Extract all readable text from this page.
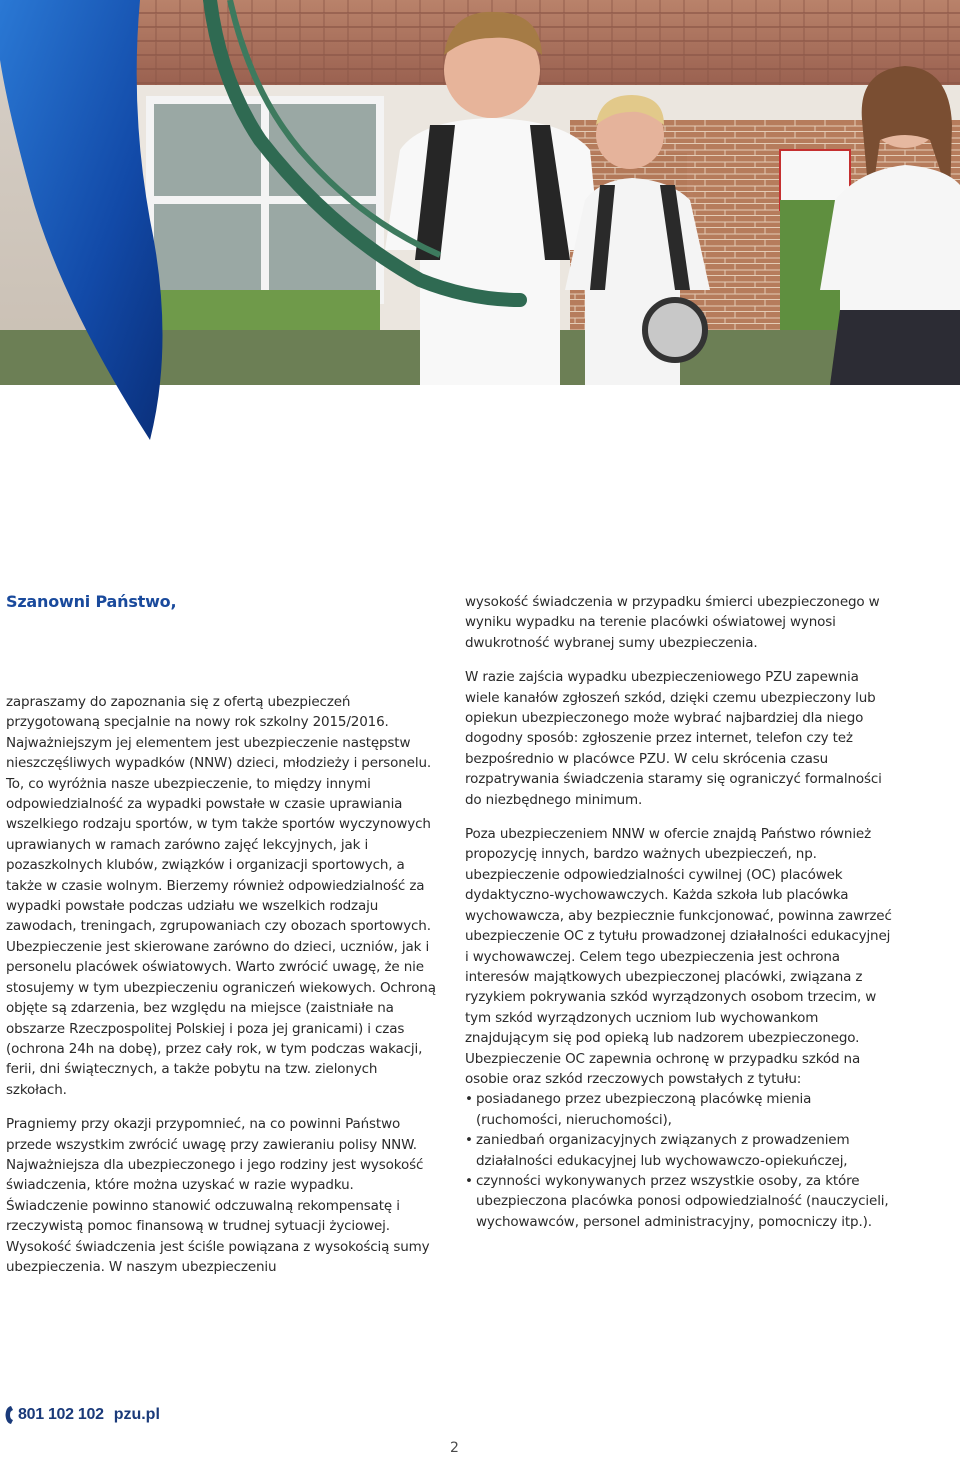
Szanowni Państwo,

zapraszamy do zapoznania się z ofertą ubezpieczeń przygotowaną specjalnie na nowy rok szkolny 2015/2016. Najważniejszym jej elementem jest ubezpieczenie następstw nieszczęśliwych wypadków (NNW) dzieci, młodzieży i personelu. To, co wyróżnia nasze ubezpieczenie, to między innymi odpowiedzialność za wypadki powstałe w czasie uprawiania wszelkiego rodzaju sportów, w tym także sportów wyczynowych uprawianych w ramach zarówno zajęć lekcyjnych, jak i pozaszkolnych klubów, związków i organizacji sportowych, a także w czasie wolnym. Bierzemy również odpowiedzialność za wypadki powstałe podczas udziału we wszelkich rodzaju zawodach, treningach, zgrupowaniach czy obozach sportowych. Ubezpieczenie jest skierowane zarówno do dzieci, uczniów, jak i personelu placówek oświatowych. Warto zwrócić uwagę, że nie stosujemy w tym ubezpieczeniu ograniczeń wiekowych. Ochroną objęte są zdarzenia, bez względu na miejsce (zaistniałe na obszarze Rzeczpospolitej Polskiej i poza jej granicami) i czas (ochrona 24h na dobę), przez cały rok, w tym podczas wakacji, ferii, dni świątecznych, a także pobytu na tzw. zielonych szkołach.

Pragniemy przy okazji przypomnieć, na co powinni Państwo przede wszystkim zwrócić uwagę przy zawieraniu polisy NNW. Najważniejsza dla ubezpieczonego i jego rodziny jest wysokość świadczenia, które można uzyskać w razie wypadku. Świadczenie powinno stanowić odczuwalną rekompensatę i rzeczywistą pomoc finansową w trudnej sytuacji życiowej. Wysokość świadczenia jest ściśle powiązana z wysokością sumy ubezpieczenia. W naszym ubezpieczeniu

wysokość świadczenia w przypadku śmierci ubezpieczonego w wyniku wypadku na terenie placówki oświatowej wynosi dwukrotność wybranej sumy ubezpieczenia.

W razie zajścia wypadku ubezpieczeniowego PZU zapewnia wiele kanałów zgłoszeń szkód, dzięki czemu ubezpieczony lub opiekun ubezpieczonego może wybrać najbardziej dla niego dogodny sposób: zgłoszenie przez internet, telefon czy też bezpośrednio w placówce PZU. W celu skrócenia czasu rozpatrywania świadczenia staramy się ograniczyć formalności do niezbędnego minimum.

Poza ubezpieczeniem NNW w ofercie znajdą Państwo również propozycję innych, bardzo ważnych ubezpieczeń, np. ubezpieczenie odpowiedzialności cywilnej (OC) placówek dydaktyczno-wychowawczych. Każda szkoła lub placówka wychowawcza, aby bezpiecznie funkcjonować, powinna zawrzeć ubezpieczenie OC z tytułu prowadzonej działalności edukacyjnej i wychowawczej. Celem tego ubezpieczenia jest ochrona interesów majątkowych ubezpieczonej placówki, związana z ryzykiem pokrywania szkód wyrządzonych osobom trzecim, w tym szkód wyrządzonych uczniom lub wychowankom znajdującym się pod opieką lub nadzorem ubezpieczonego. Ubezpieczenie OC zapewnia ochronę w przypadku szkód na osobie oraz szkód rzeczowych powstałych z tytułu:

• posiadanego przez ubezpieczoną placówkę mienia (ruchomości, nieruchomości),
• zaniedbań organizacyjnych związanych z prowadzeniem działalności edukacyjnej lub wychowawczo-opiekuńczej,
• czynności wykonywanych przez wszystkie osoby, za które ubezpieczona placówka ponosi odpowiedzialność (nauczycieli, wychowawców, personel administracyjny, pomocniczy itp.).
801 102 102 pzu.pl
2
